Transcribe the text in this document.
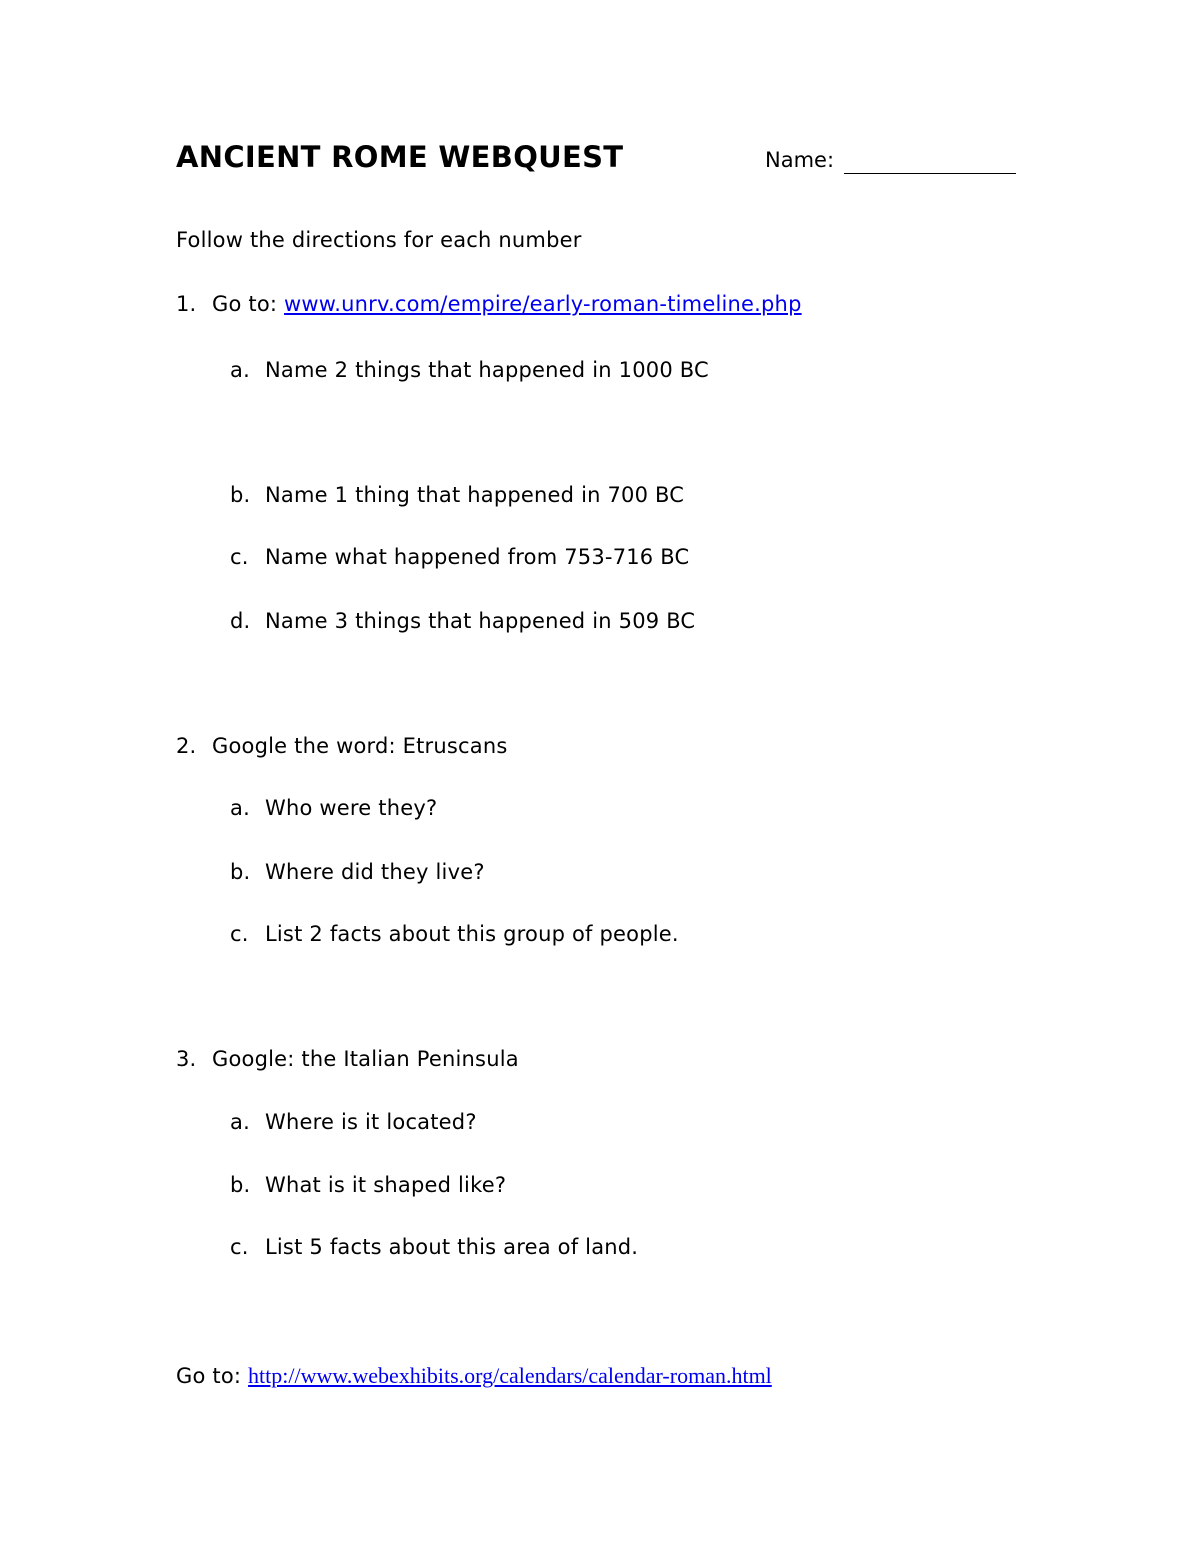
ANCIENT ROME WEBQUEST	Name:
Follow the directions for each number
1. Go to: www.unrv.com/empire/early-roman-timeline.php
a. Name 2 things that happened in 1000 BC
b. Name 1 thing that happened in 700 BC
c. Name what happened from 753-716 BC
d. Name 3 things that happened in 509 BC
2. Google the word: Etruscans
a. Who were they?
b. Where did they live?
c. List 2 facts about this group of people.
3. Google: the Italian Peninsula
a. Where is it located?
b. What is it shaped like?
c. List 5 facts about this area of land.
Go to: http://www.webexhibits.org/calendars/calendar-roman.html
